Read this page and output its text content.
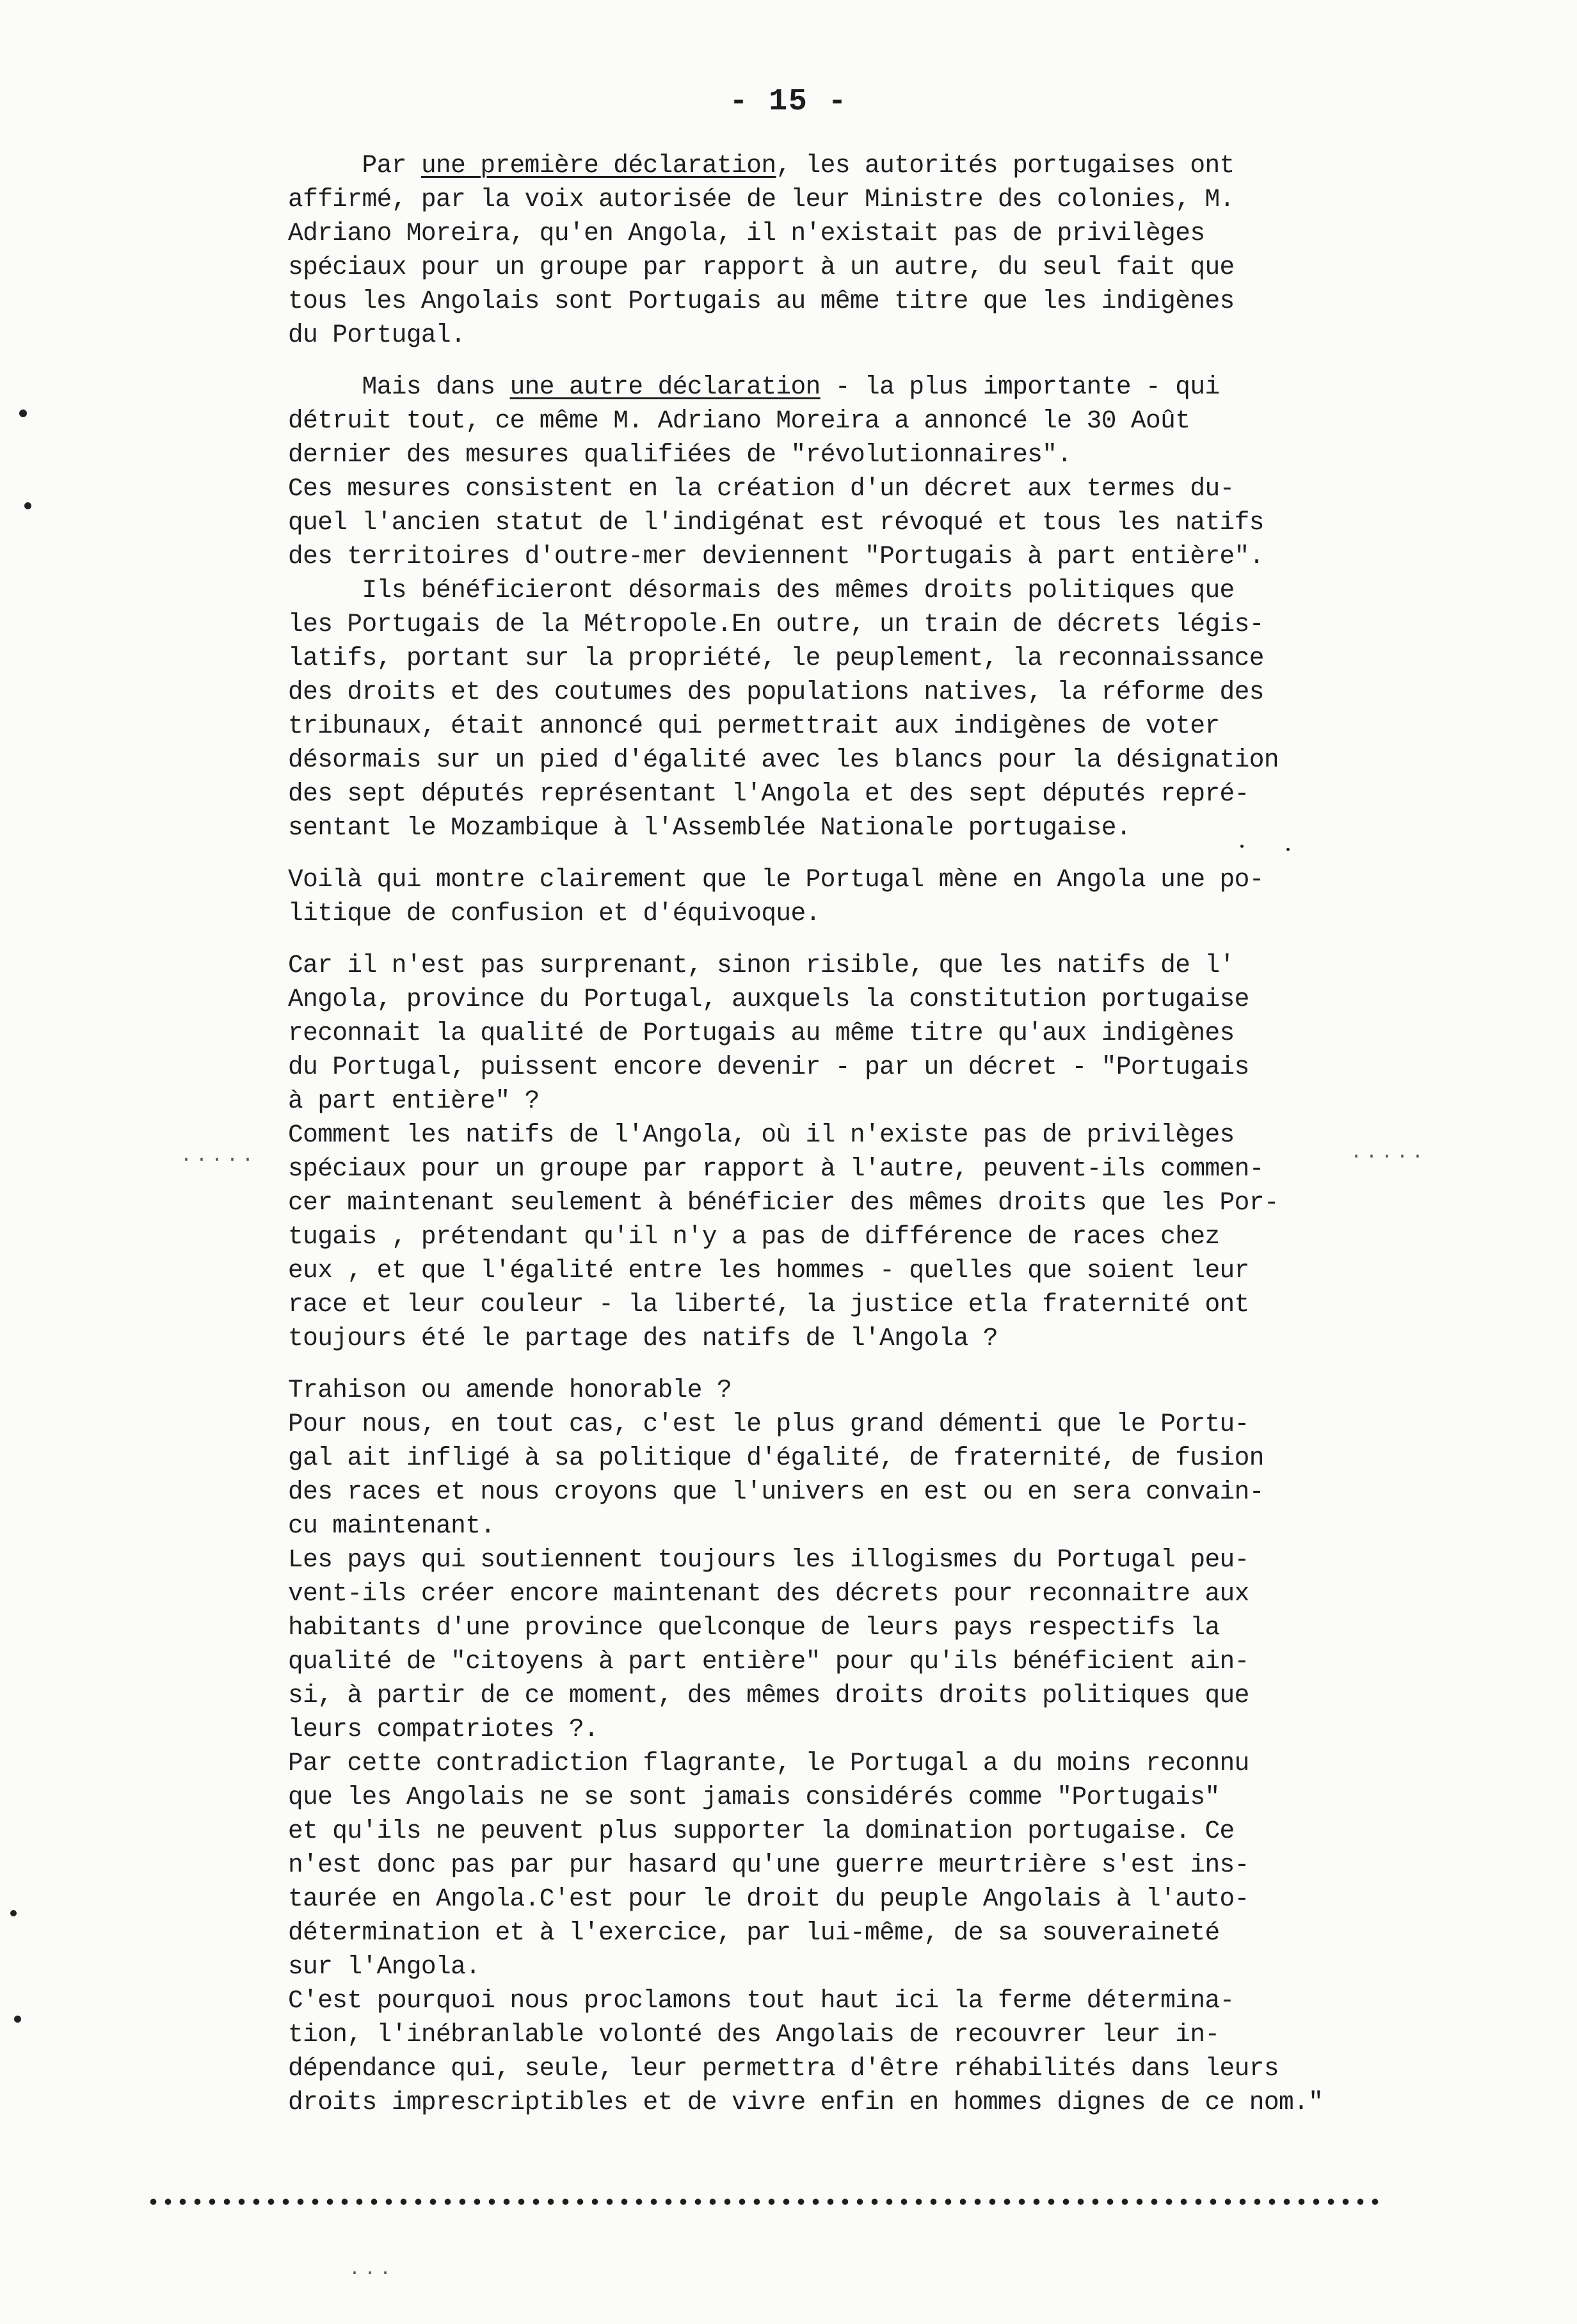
- 15 -
Par une première déclaration, les autorités portugaises ont
affirmé, par la voix autorisée de leur Ministre des colonies, M.
Adriano Moreira, qu'en Angola, il n'existait pas de privilèges
spéciaux pour un groupe par rapport à un autre, du seul fait que
tous les Angolais sont Portugais au même titre que les indigènes
du Portugal.
Mais dans une autre déclaration - la plus importante - qui
détruit tout, ce même M. Adriano Moreira a annoncé le 30 Août
dernier des mesures qualifiées de "révolutionnaires".
Ces mesures consistent en la création d'un décret aux termes du-
quel l'ancien statut de l'indigénat est révoqué et tous les natifs
des territoires d'outre-mer deviennent "Portugais à part entière".
Ils bénéficieront désormais des mêmes droits politiques que
les Portugais de la Métropole.En outre, un train de décrets légis-
latifs, portant sur la propriété, le peuplement, la reconnaissance
des droits et des coutumes des populations natives, la réforme des
tribunaux, était annoncé qui permettrait aux indigènes de voter
désormais sur un pied d'égalité avec les blancs pour la désignation
des sept députés représentant l'Angola et des sept députés repré-
sentant le Mozambique à l'Assemblée Nationale portugaise.
Voilà qui montre clairement que le Portugal mène en Angola une po-
litique de confusion et d'équivoque.
Car il n'est pas surprenant, sinon risible, que les natifs de l'
Angola, province du Portugal, auxquels la constitution portugaise
reconnait la qualité de Portugais au même titre qu'aux indigènes
du Portugal, puissent encore devenir - par un décret - "Portugais
à part entière" ?
Comment les natifs de l'Angola, où il n'existe pas de privilèges
spéciaux pour un groupe par rapport à l'autre, peuvent-ils commen-
cer maintenant seulement à bénéficier des mêmes droits que les Por-
tugais , prétendant qu'il n'y a pas de différence de races chez
eux , et que l'égalité entre les hommes - quelles que soient leur
race et leur couleur - la liberté, la justice etla fraternité ont
toujours été le partage des natifs de l'Angola ?
Trahison ou amende honorable ?
Pour nous, en tout cas, c'est le plus grand démenti que le Portu-
gal ait infligé à sa politique d'égalité, de fraternité, de fusion
des races et nous croyons que l'univers en est ou en sera convain-
cu maintenant.
Les pays qui soutiennent toujours les illogismes du Portugal peu-
vent-ils créer encore maintenant des décrets pour reconnaitre aux
habitants d'une province quelconque de leurs pays respectifs la
qualité de "citoyens à part entière" pour qu'ils bénéficient ain-
si, à partir de ce moment, des mêmes droits droits politiques que
leurs compatriotes ?.
Par cette contradiction flagrante, le Portugal a du moins reconnu
que les Angolais ne se sont jamais considérés comme "Portugais"
et qu'ils ne peuvent plus supporter la domination portugaise. Ce
n'est donc pas par pur hasard qu'une guerre meurtrière s'est ins-
taurée en Angola.C'est pour le droit du peuple Angolais à l'auto-
détermination et à l'exercice, par lui-même, de sa souveraineté
sur l'Angola.
C'est pourquoi nous proclamons tout haut ici la ferme détermina-
tion, l'inébranlable volonté des Angolais de recouvrer leur in-
dépendance qui, seule, leur permettra d'être réhabilités dans leurs
droits imprescriptibles et de vivre enfin en hommes dignes de ce nom."
.....	.....
...
